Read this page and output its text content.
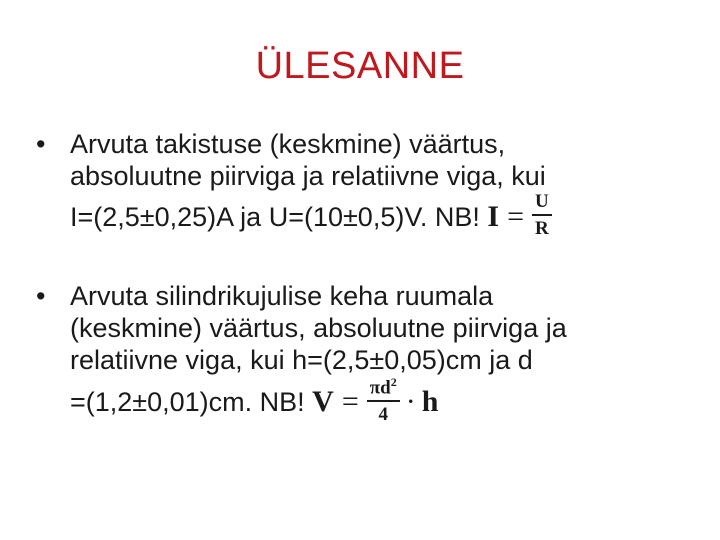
ÜLESANNE
• Arvuta takistuse (keskmine) väärtus,
absoluutne piirviga ja relatiivne viga, kui
I=(2,5±0,25)A ja U=(10±0,5)V. NB! $I = \frac{U}{R}$
• Arvuta silindrikujulise keha ruumala
(keskmine) väärtus, absoluutne piirviga ja
relatiivne viga, kui h=(2,5±0,05)cm ja d
=(1,2±0,01)cm. NB! $V = \frac{\pi d^2}{4} \cdot h$
